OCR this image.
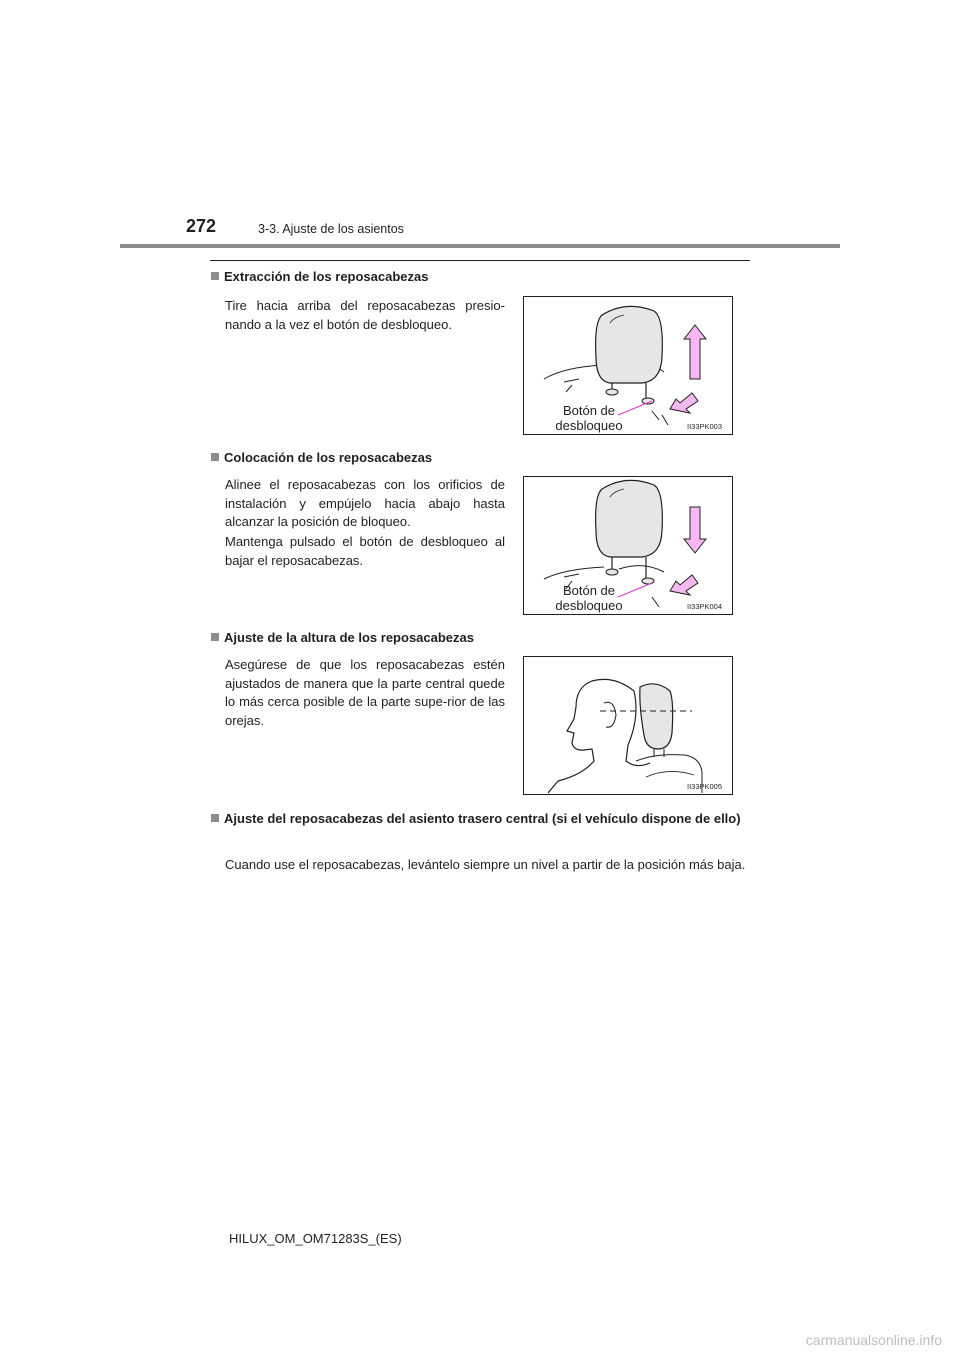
272	3-3. Ajuste de los asientos
Extracción de los reposacabezas
Tire hacia arriba del reposacabezas presio-nando a la vez el botón de desbloqueo.
Botón de
desbloqueo	II33PK003
Colocación de los reposacabezas
Alinee el reposacabezas con los orificios de instalación y empújelo hacia abajo hasta alcanzar la posición de bloqueo.
Mantenga pulsado el botón de desbloqueo al bajar el reposacabezas.
Botón de
desbloqueo	II33PK004
Ajuste de la altura de los reposacabezas
Asegúrese de que los reposacabezas estén ajustados de manera que la parte central quede lo más cerca posible de la parte supe-rior de las orejas.
II33PK005
Ajuste del reposacabezas del asiento trasero central (si el vehículo dispone de ello)
Cuando use el reposacabezas, levántelo siempre un nivel a partir de la posición más baja.
HILUX_OM_OM71283S_(ES)
carmanualsonline.info
